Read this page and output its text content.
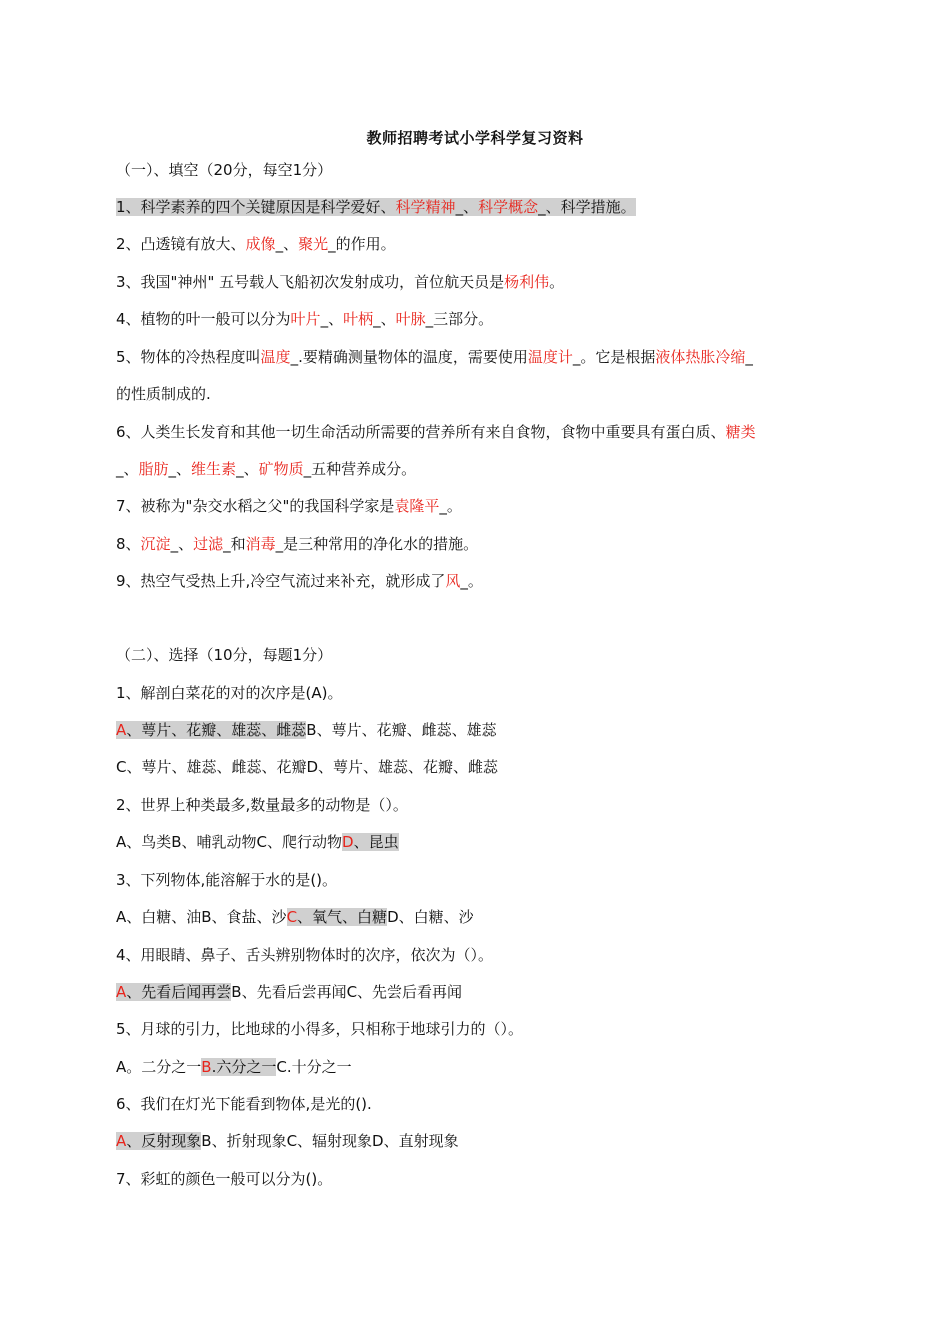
教师招聘考试小学科学复习资料
（一）、填空（20分，每空1分）
1、科学素养的四个关键原因是科学爱好、科学精神_、科学概念_、科学措施。
2、凸透镜有放大、成像_、聚光_的作用。
3、我国"神州" 五号载人飞船初次发射成功，首位航天员是杨利伟。
4、植物的叶一般可以分为叶片_、叶柄_、叶脉_三部分。
5、物体的冷热程度叫温度_.要精确测量物体的温度，需要使用温度计_。它是根据液体热胀冷缩_
的性质制成的.
6、人类生长发育和其他一切生命活动所需要的营养所有来自食物，食物中重要具有蛋白质、糖类
_、脂肪_、维生素_、矿物质_五种营养成分。
7、被称为"杂交水稻之父"的我国科学家是袁隆平_。
8、沉淀_、过滤_和消毒_是三种常用的净化水的措施。
9、热空气受热上升,冷空气流过来补充，就形成了风_。
（二）、选择（10分，每题1分）
1、解剖白菜花的对的次序是(A)。
A、萼片、花瓣、雄蕊、雌蕊B、萼片、花瓣、雌蕊、雄蕊
C、萼片、雄蕊、雌蕊、花瓣D、萼片、雄蕊、花瓣、雌蕊
2、世界上种类最多,数量最多的动物是（）。
A、鸟类B、哺乳动物C、爬行动物D、昆虫
3、下列物体,能溶解于水的是()。
A、白糖、油B、食盐、沙C、氧气、白糖D、白糖、沙
4、用眼睛、鼻子、舌头辨别物体时的次序，依次为（）。
A、先看后闻再尝B、先看后尝再闻C、先尝后看再闻
5、月球的引力，比地球的小得多，只相称于地球引力的（）。
A。二分之一B.六分之一C.十分之一
6、我们在灯光下能看到物体,是光的().
A、反射现象B、折射现象C、辐射现象D、直射现象
7、彩虹的颜色一般可以分为()。
